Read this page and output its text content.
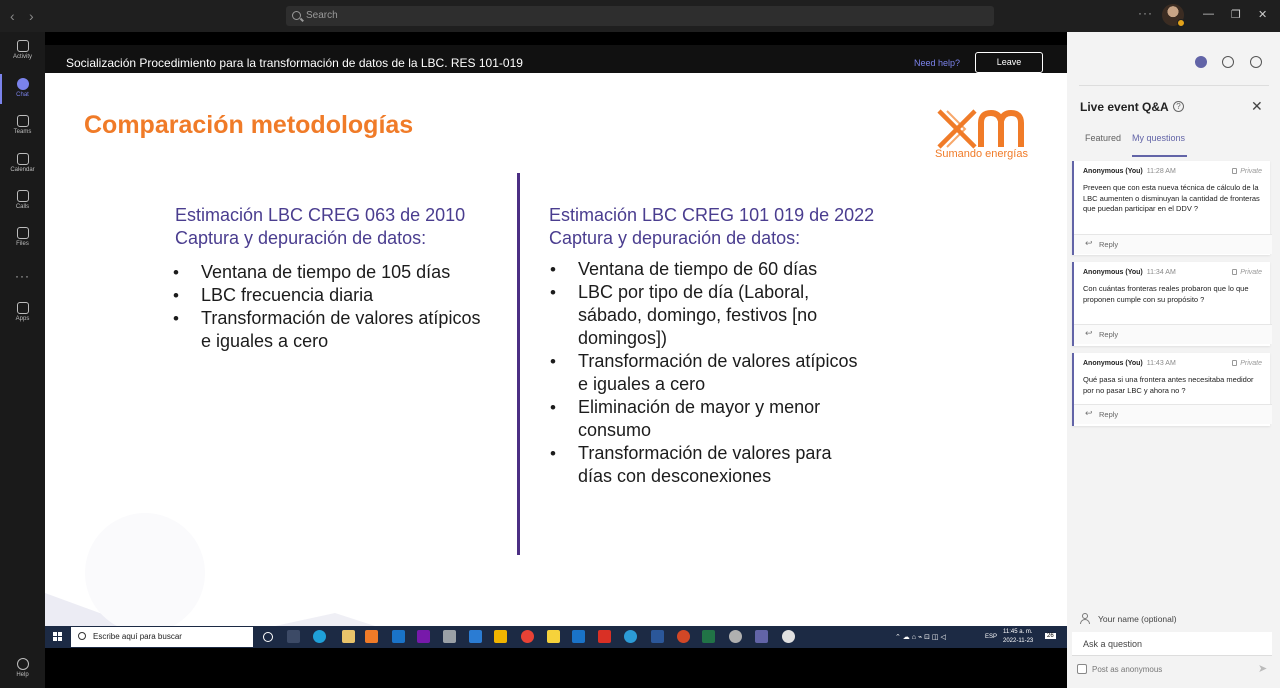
‹ ›	Search	···	— ❐ ✕
Activity
Chat
Teams
Calendar
Calls
Files
···
Apps
Help
Socialización Procedimiento para la transformación de datos de la LBC. RES 101-019	Need help?	Leave
Comparación metodologías
Sumando energías
Estimación LBC CREG 063 de 2010
Captura y depuración de datos:
• Ventana de tiempo de 105 días
• LBC frecuencia diaria
• Transformación de valores atípicos e iguales a cero
Estimación LBC CREG 101 019 de 2022
Captura y depuración de datos:
• Ventana de tiempo de 60 días
• LBC por tipo de día (Laboral, sábado, domingo, festivos [no domingos])
• Transformación de valores atípicos e iguales a cero
• Eliminación de mayor y menor consumo
• Transformación de valores para días con desconexiones
Escribe aquí para buscar	⌃ ☁ ⌂ ⌁ ⊡ ◫ ◁	ESP
11:45 a. m.
2022-11-23
26
Live event Q&A ?	✕
Featured My questions
Anonymous (You) 11:28 AM	Private
Preveen que con esta nueva técnica de cálculo de la LBC aumenten o disminuyan la cantidad de fronteras que puedan participar en el DDV ?
↩ Reply
Anonymous (You) 11:34 AM	Private
Con cuántas fronteras reales probaron que lo que proponen cumple con su propósito ?
↩ Reply
Anonymous (You) 11:43 AM	Private
Qué pasa si una frontera antes necesitaba medidor por no pasar LBC y ahora no ?
↩ Reply
Your name (optional)
Ask a question
Post as anonymous	➤
